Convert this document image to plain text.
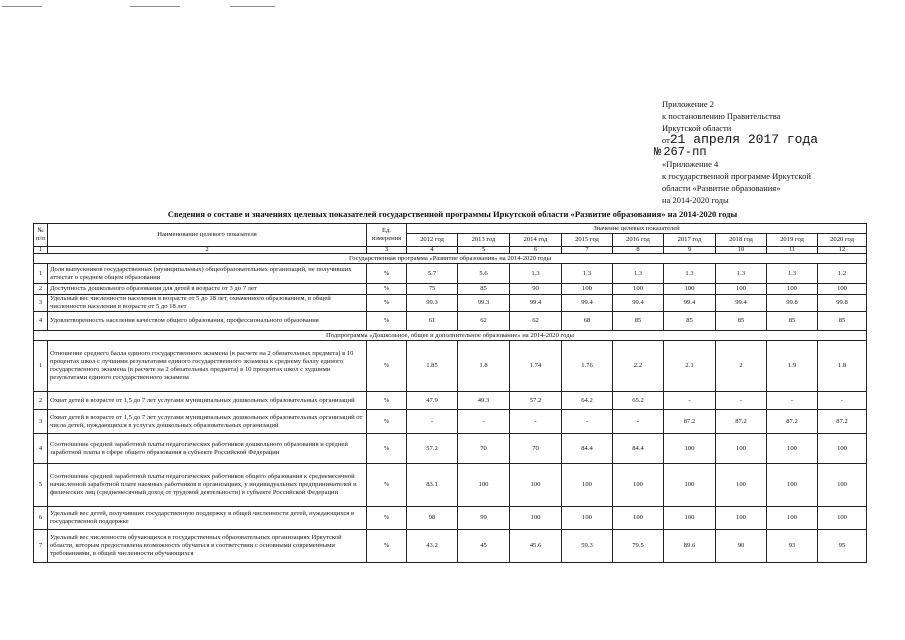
Приложение 2
к постановлению Правительства
Иркутской области
от21 апреля 2017 года
№ 267-пп
«Приложение 4
к государственной программе Иркутской
области «Развитие образования»
на 2014-2020 годы
Сведения о составе и значениях целевых показателей государственной программы Иркутской области «Развитие образования» на 2014-2020 годы
№ п/п	Наименование целевого показателя	Ед. измерения	Значение целевых показателей								
			2012 год	2013 год	2014 год	2015 год	2016 год	2017 год	2018 год	2019 год	2020 год
1	2	3	4	5	6	7	8	9	10	11	12
Государственная программа «Развитие образования» на 2014-2020 годы											
1	Доля выпускников государственных (муниципальных) общеобразовательных организаций, не получивших аттестат о среднем общем образовании	%	5.7	5.6	1.3	1.3	1.3	1.3	1.3	1.3	1.2
2	Доступность дошкольного образования для детей в возрасте от 3 до 7 лет	%	75	85	90	100	100	100	100	100	100
3	Удельный вес численности населения в возрасте от 5 до 18 лет, охваченного образованием, в общей численности населения в возрасте от 5 до 18 лет	%	99.3	99.3	99.4	99.4	99.4	99.4	99.4	99.8	99.8
4	Удовлетворенность населения качеством общего образования, профессионального образования	%	61	62	62	68	85	85	85	85	85
Подпрограмма «Дошкольное, общее и дополнительное образование» на 2014-2020 годы											
1	Отношение среднего балла единого государственного экзамена (в расчете на 2 обязательных предмета) в 10 процентах школ с лучшими результатами единого государственного экзамена к среднему баллу единого государственного экзамена (в расчете на 2 обязательных предмета) в 10 процентах школ с худшими результатами единого государственного экзамена	%	1.85	1.8	1.74	1.76	2.2	2.1	2	1.9	1.8
2	Охват детей в возрасте от 1,5 до 7 лет услугами муниципальных дошкольных образовательных организаций	%	47.9	49.3	57.2	64.2	65.2	-	-	-	-
3	Охват детей в возрасте от 1,5 до 7 лет услугами муниципальных дошкольных образовательных организаций от числа детей, нуждающихся в услугах дошкольных образовательных организаций	%	-	-	-	-	-	87.2	87.2	87.2	87.2
4	Соотношение средней заработной платы педагогических работников дошкольного образования и средней заработной платы в сфере общего образования в субъекте Российской Федерации	%	57.2	70	70	84.4	84.4	100	100	100	100
5	Соотношение средней заработной платы педагогических работников общего образования к среднемесячной начисленной заработной плате наемных работников в организациях, у индивидуальных предпринимателей и физических лиц (среднемесячный доход от трудовой деятельности) в субъекте Российской Федерации	%	83.1	100	100	100	100	100	100	100	100
6	Удельный вес детей, получивших государственную поддержку в общей численности детей, нуждающихся в государственной поддержке	%	98	99	100	100	100	100	100	100	100
7	Удельный вес численности обучающихся в государственных образовательных организациях Иркутской области, которым предоставлена возможность обучаться в соответствии с основными современными требованиями, в общей численности обучающихся	%	43.2	45	45.6	59.3	79.5	89.6	90	93	95
